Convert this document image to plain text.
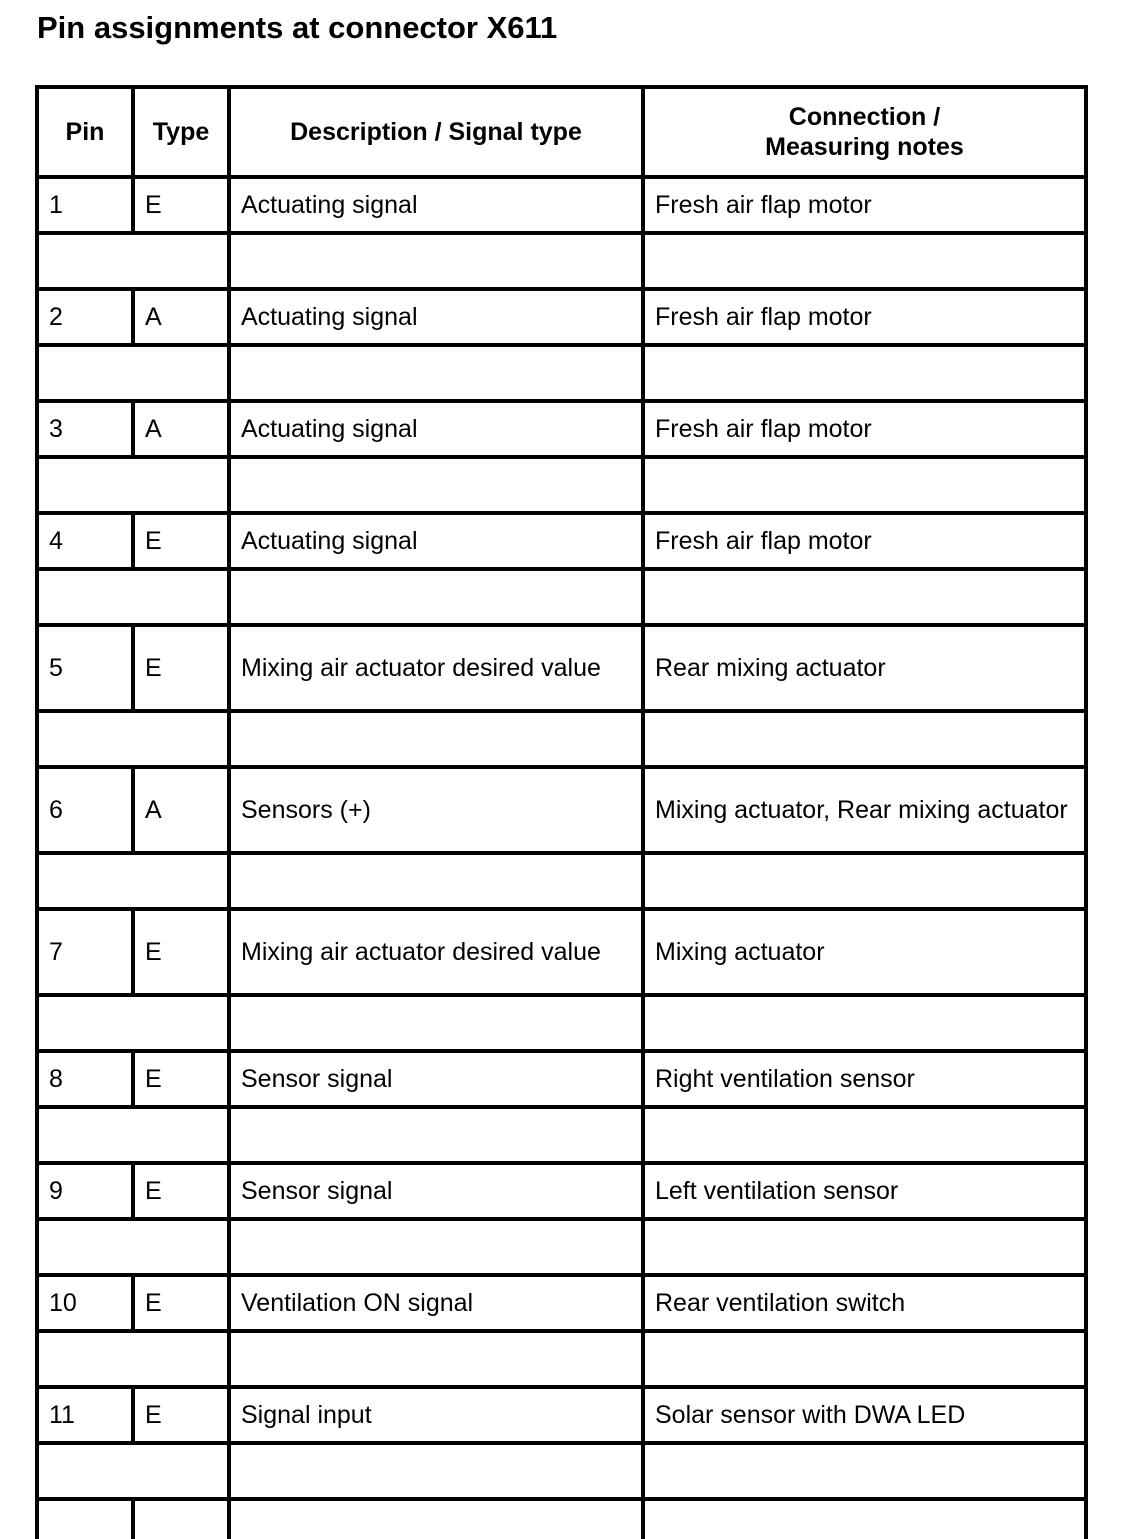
Pin assignments at connector X611
Pin	Type	Description / Signal type	Connection /
Measuring notes
1	E	Actuating signal	Fresh air flap motor

2	A	Actuating signal	Fresh air flap motor

3	A	Actuating signal	Fresh air flap motor

4	E	Actuating signal	Fresh air flap motor

5	E	Mixing air actuator desired value	Rear mixing actuator

6	A	Sensors (+)	Mixing actuator, Rear mixing actuator

7	E	Mixing air actuator desired value	Mixing actuator

8	E	Sensor signal	Right ventilation sensor

9	E	Sensor signal	Left ventilation sensor

10	E	Ventilation ON signal	Rear ventilation switch

11	E	Signal input	Solar sensor with DWA LED
